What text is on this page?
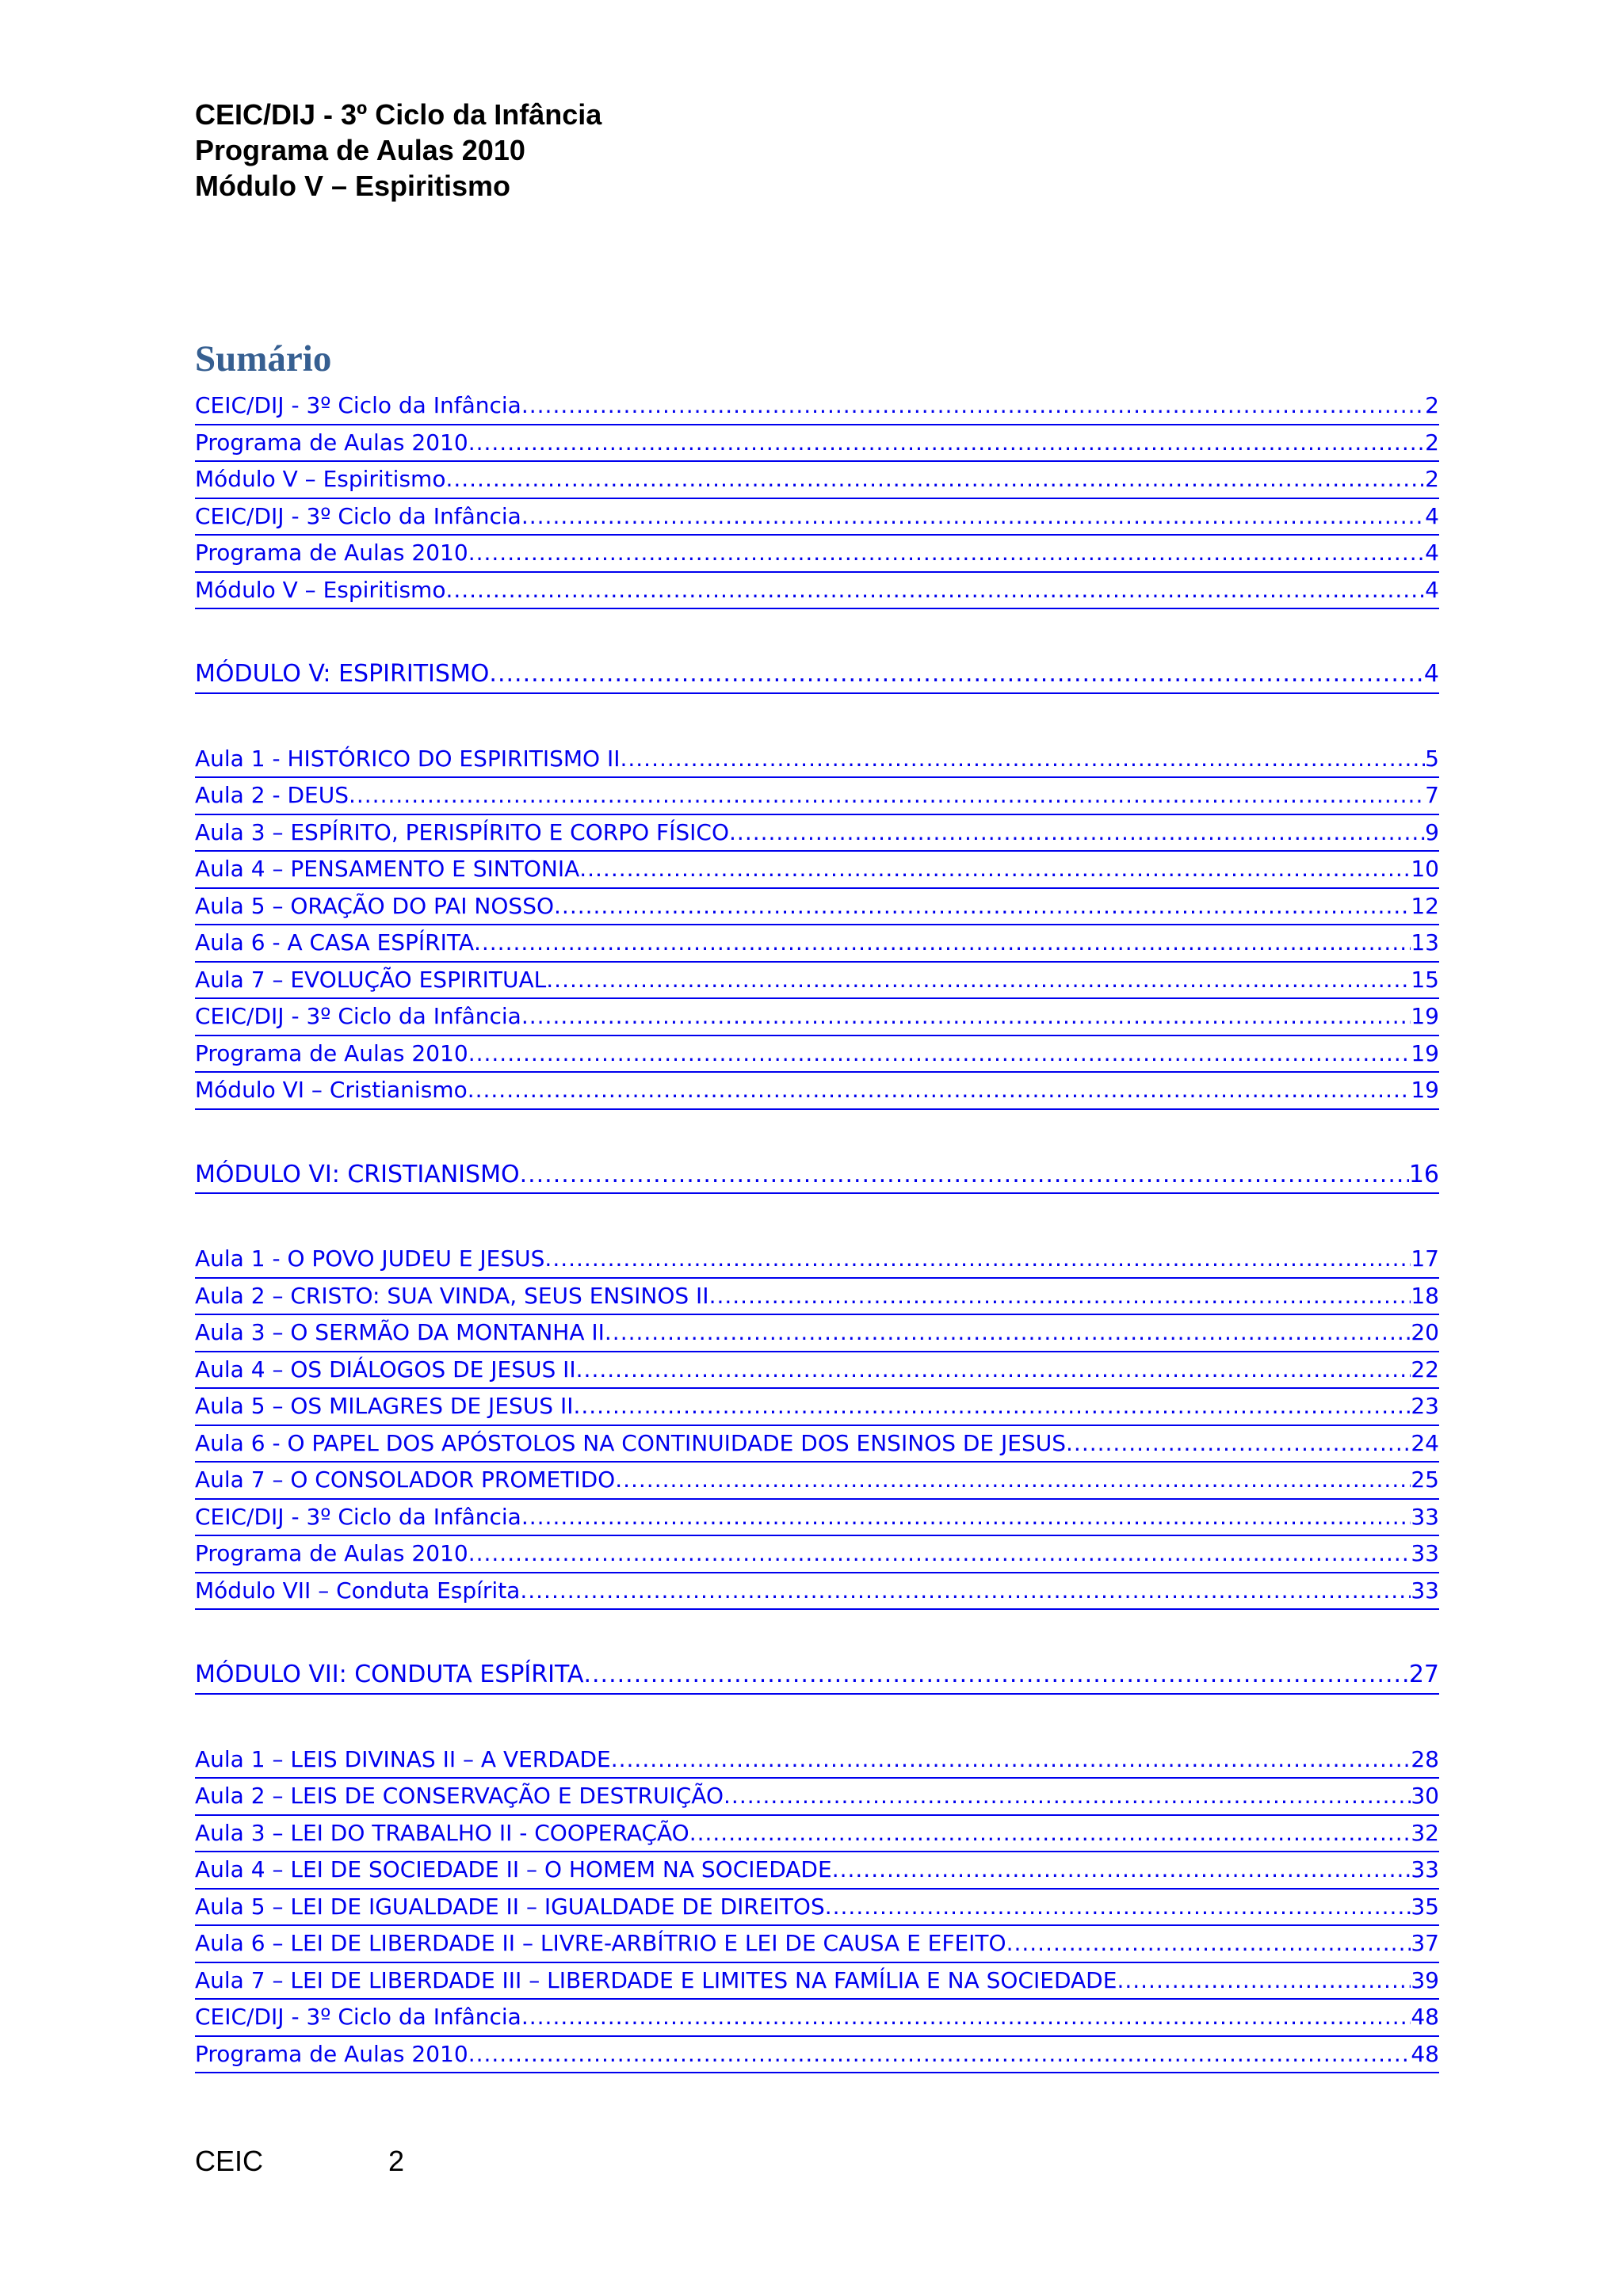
CEIC/DIJ - 3º Ciclo da Infância
Programa de Aulas 2010
Módulo V – Espiritismo
Sumário
CEIC/DIJ - 3º Ciclo da Infância .....	2
Programa de Aulas 2010 .....	2
Módulo V – Espiritismo .....	2
CEIC/DIJ - 3º Ciclo da Infância .....	4
Programa de Aulas 2010 .....	4
Módulo V – Espiritismo .....	4
MÓDULO V: ESPIRITISMO .....	4
Aula 1 - HISTÓRICO DO ESPIRITISMO II .....	5
Aula 2 - DEUS .....	7
Aula 3 – ESPÍRITO, PERISPÍRITO E CORPO FÍSICO .....	9
Aula 4 – PENSAMENTO E SINTONIA .....	10
Aula 5 – ORAÇÃO DO PAI NOSSO .....	12
Aula 6 - A CASA ESPÍRITA .....	13
Aula 7 – EVOLUÇÃO ESPIRITUAL .....	15
CEIC/DIJ - 3º Ciclo da Infância .....	19
Programa de Aulas 2010 .....	19
Módulo VI – Cristianismo .....	19
MÓDULO VI: CRISTIANISMO .....	16
Aula 1 - O POVO JUDEU E JESUS .....	17
Aula 2 – CRISTO: SUA VINDA, SEUS ENSINOS II .....	18
Aula 3 – O SERMÃO DA MONTANHA II .....	20
Aula 4 – OS DIÁLOGOS DE JESUS II .....	22
Aula 5 – OS MILAGRES DE JESUS II .....	23
Aula 6 - O PAPEL DOS APÓSTOLOS NA CONTINUIDADE DOS ENSINOS DE JESUS .....	24
Aula 7 – O CONSOLADOR PROMETIDO .....	25
CEIC/DIJ - 3º Ciclo da Infância .....	33
Programa de Aulas 2010 .....	33
Módulo VII – Conduta Espírita .....	33
MÓDULO VII: CONDUTA ESPÍRITA .....	27
Aula 1 – LEIS DIVINAS II – A VERDADE .....	28
Aula 2 – LEIS DE CONSERVAÇÃO E DESTRUIÇÃO .....	30
Aula 3 – LEI DO TRABALHO II - COOPERAÇÃO .....	32
Aula 4 – LEI DE SOCIEDADE II – O HOMEM NA SOCIEDADE .....	33
Aula 5 – LEI DE IGUALDADE II – IGUALDADE DE DIREITOS .....	35
Aula 6 – LEI DE LIBERDADE II – LIVRE-ARBÍTRIO E LEI DE CAUSA E EFEITO .....	37
Aula 7 – LEI DE LIBERDADE III – LIBERDADE E LIMITES NA FAMÍLIA E NA SOCIEDADE .....	39
CEIC/DIJ - 3º Ciclo da Infância .....	48
Programa de Aulas 2010 .....	48
CEIC	2
